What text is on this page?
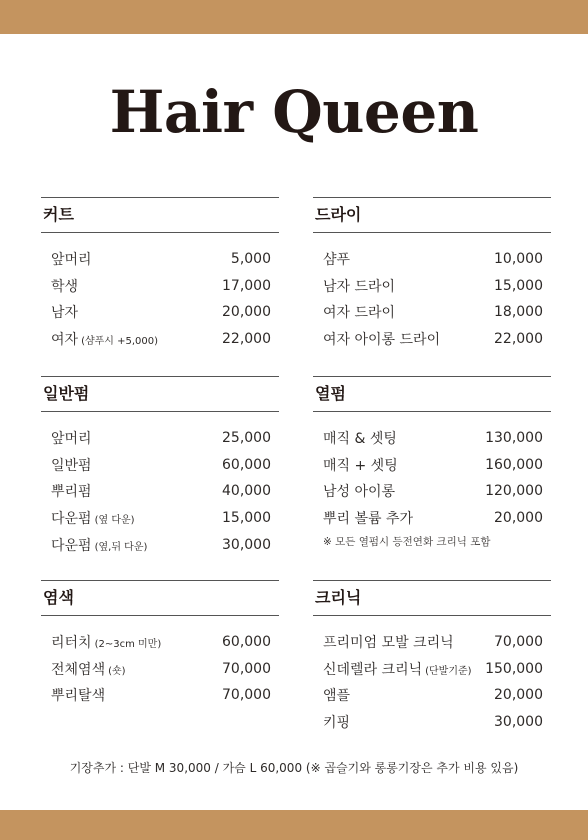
Hair Queen
커트
앞머리	5,000
학생	17,000
남자	20,000
여자 (샴푸시 +5,000)	22,000
드라이
샴푸	10,000
남자 드라이	15,000
여자 드라이	18,000
여자 아이롱 드라이	22,000
일반펌
앞머리	25,000
일반펌	60,000
뿌리펌	40,000
다운펌 (옆 다운)	15,000
다운펌 (옆,뒤 다운)	30,000
열펌
매직 & 셋팅	130,000
매직 + 셋팅	160,000
남성 아이롱	120,000
뿌리 볼륨 추가	20,000
※ 모든 열펌시 등전연화 크리닉 포함
염색
리터치 (2~3cm 미만)	60,000
전체염색 (숏)	70,000
뿌리탈색	70,000
크리닉
프리미엄 모발 크리닉	70,000
신데렐라 크리닉 (단발기준) 150,000
앰플	20,000
키핑	30,000
기장추가 : 단발 M 30,000 / 가슴 L 60,000 (※ 곱슬기와 롱롱기장은 추가 비용 있음)
